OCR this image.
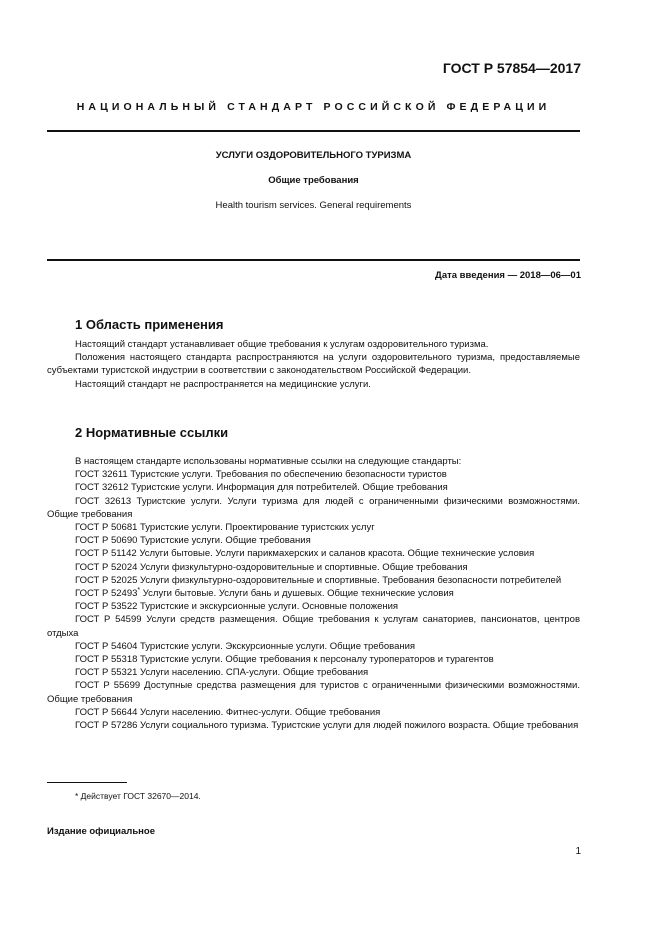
ГОСТ Р 57854—2017
НАЦИОНАЛЬНЫЙ СТАНДАРТ РОССИЙСКОЙ ФЕДЕРАЦИИ
УСЛУГИ ОЗДОРОВИТЕЛЬНОГО ТУРИЗМА
Общие требования
Health tourism services. General requirements
Дата введения — 2018—06—01
1 Область применения

Настоящий стандарт устанавливает общие требования к услугам оздоровительного туризма.

Положения настоящего стандарта распространяются на услуги оздоровительного туризма, предоставляемые субъектами туристской индустрии в соответствии с законодательством Российской Федерации.

Настоящий стандарт не распространяется на медицинские услуги.

2 Нормативные ссылки

В настоящем стандарте использованы нормативные ссылки на следующие стандарты:

ГОСТ 32611 Туристские услуги. Требования по обеспечению безопасности туристов

ГОСТ 32612 Туристские услуги. Информация для потребителей. Общие требования

ГОСТ 32613 Туристские услуги. Услуги туризма для людей с ограниченными физическими возможностями. Общие требования

ГОСТ Р 50681 Туристские услуги. Проектирование туристских услуг

ГОСТ Р 50690 Туристские услуги. Общие требования

ГОСТ Р 51142 Услуги бытовые. Услуги парикмахерских и саланов красота. Общие технические условия

ГОСТ Р 52024 Услуги физкультурно-оздоровительные и спортивные. Общие требования

ГОСТ Р 52025 Услуги физкультурно-оздоровительные и спортивные. Требования безопасности потребителей

ГОСТ Р 52493* Услуги бытовые. Услуги бань и душевых. Общие технические условия

ГОСТ Р 53522 Туристские и экскурсионные услуги. Основные положения

ГОСТ Р 54599 Услуги средств размещения. Общие требования к услугам санаториев, пансионатов, центров отдыха

ГОСТ Р 54604 Туристские услуги. Экскурсионные услуги. Общие требования

ГОСТ Р 55318 Туристские услуги. Общие требования к персоналу туроператоров и турагентов

ГОСТ Р 55321 Услуги населению. СПА-услуги. Общие требования

ГОСТ Р 55699 Доступные средства размещения для туристов с ограниченными физическими возможностями. Общие требования

ГОСТ Р 56644 Услуги населению. Фитнес-услуги. Общие требования

ГОСТ Р 57286 Услуги социального туризма. Туристские услуги для людей пожилого возраста. Общие требования

* Действует ГОСТ 32670—2014.
Издание официальное
1
